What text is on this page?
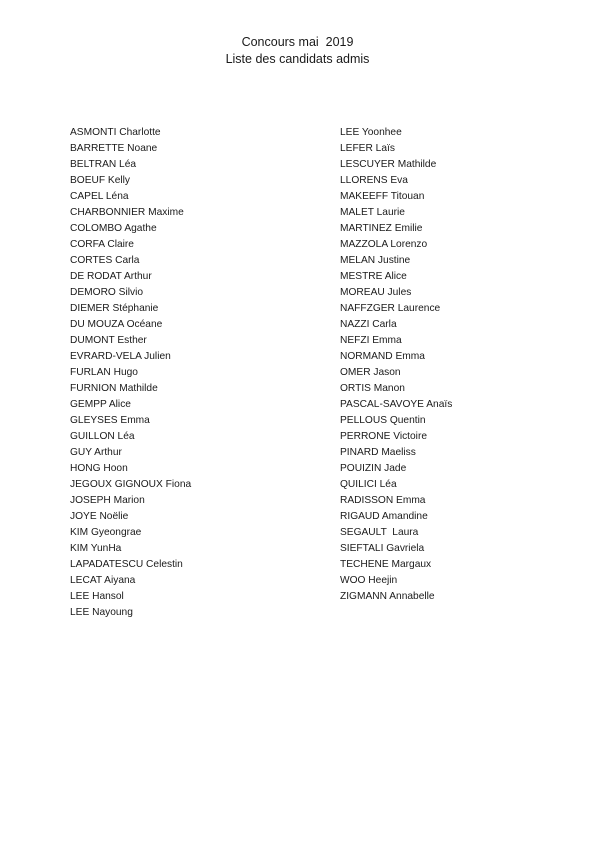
Concours mai  2019
Liste des candidats admis
ASMONTI Charlotte
BARRETTE Noane
BELTRAN Léa
BOEUF Kelly
CAPEL Léna
CHARBONNIER Maxime
COLOMBO Agathe
CORFA Claire
CORTES Carla
DE RODAT Arthur
DEMORO Silvio
DIEMER Stéphanie
DU MOUZA Océane
DUMONT Esther
EVRARD-VELA Julien
FURLAN Hugo
FURNION Mathilde
GEMPP Alice
GLEYSES Emma
GUILLON Léa
GUY Arthur
HONG Hoon
JEGOUX GIGNOUX Fiona
JOSEPH Marion
JOYE Noëlie
KIM Gyeongrae
KIM YunHa
LAPADATESCU Celestin
LECAT Aiyana
LEE Hansol
LEE Nayoung
LEE Yoonhee
LEFER Laïs
LESCUYER Mathilde
LLORENS Eva
MAKEEFF Titouan
MALET Laurie
MARTINEZ Emilie
MAZZOLA Lorenzo
MELAN Justine
MESTRE Alice
MOREAU Jules
NAFFZGER Laurence
NAZZI Carla
NEFZI Emma
NORMAND Emma
OMER Jason
ORTIS Manon
PASCAL-SAVOYE Anaïs
PELLOUS Quentin
PERRONE Victoire
PINARD Maeliss
POUIZIN Jade
QUILICI Léa
RADISSON Emma
RIGAUD Amandine
SEGAULT  Laura
SIEFTALI Gavriela
TECHENE Margaux
WOO Heejin
ZIGMANN Annabelle
